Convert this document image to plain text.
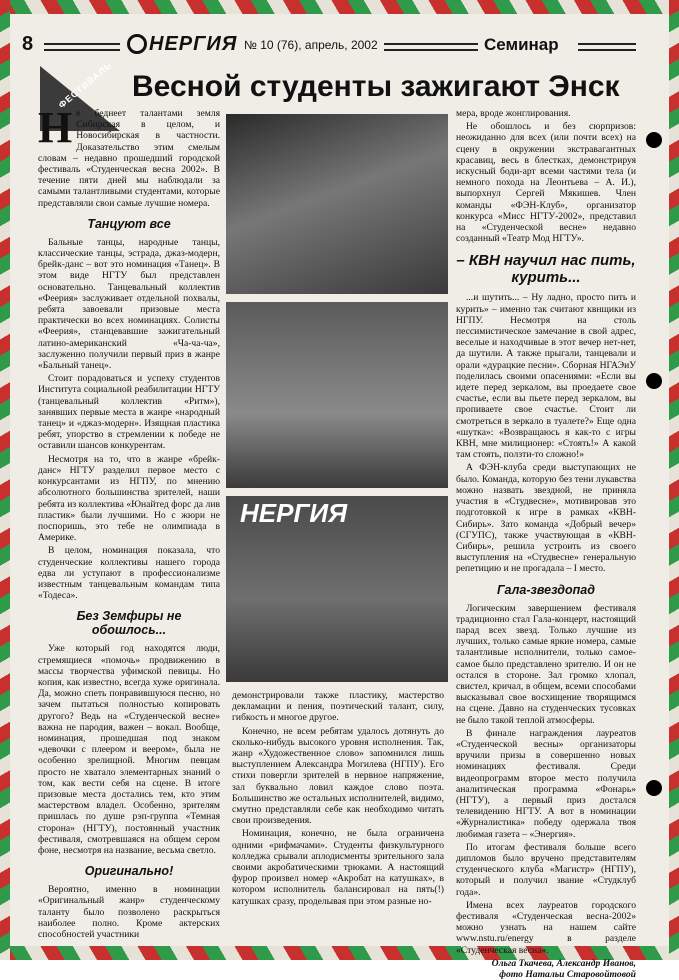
8	НЕРГИЯ № 10 (76), апрель, 2002	Семинар
ФЕСТИВАЛЬ Весной студенты зажигают Энск

Не беднеет талантами земля Сибирская в целом, и Новосибирская в частности. Доказательство этим смелым словам – недавно прошедший городской фестиваль «Студенческая весна 2002». В течение пяти дней мы наблюдали за самыми талантливыми студентами, которые представляли свои самые лучшие номера.

Танцуют все

Бальные танцы, народные танцы, классические танцы, эстрада, джаз-модерн, брейк-данс – вот это номинация «Танец». В этом виде НГТУ был представлен основательно. Танцевальный коллектив «Феерия» заслуживает отдельной похвалы, ребята завоевали призовые места практически во всех номинациях. Солисты «Феерия», станцевавшие зажигательный латино-американский «Ча-ча-ча», заслуженно получили первый приз в жанре «Бальный танец».

Стоит порадоваться и успеху студентов Института социальной реабилитации НГТУ (танцевальный коллектив «Ритм»), занявших первые места в жанре «народный танец» и «джаз-модерн». Изящная пластика ребят, упорство в стремлении к победе не оставили шансов конкурентам.

Несмотря на то, что в жанре «брейк-данс» НГТУ разделил первое место с конкурсантами из НГПУ, по мнению абсолютного большинства зрителей, наши ребята из коллектива «Юнайтед форс да лив пластик» были лучшими. Но с жюри не поспоришь, это тебе не олимпиада в Америке.

В целом, номинация показала, что студенческие коллективы нашего города едва ли уступают в профессионализме известным танцевальным командам типа «Тодеса».

Без Земфиры не обошлось...

Уже который год находятся люди, стремящиеся «помочь» продвижению в массы творчества уфимской певицы. Но копия, как известно, всегда хуже оригинала. Да, можно спеть понравившуюся песню, но зачем пытаться полностью копировать другого? Ведь на «Студенческой весне» важна не пародия, важен – вокал. Вообще, номинация, прошедшая под знаком «девочки с плеером и веером», была не особенно зрелищной. Многим певцам просто не хватало элементарных знаний о том, как вести себя на сцене. В итоге призовые места достались тем, кто этим мастерством владел. Особенно, зрителям пришлась по душе рэп-группа «Темная сторона» (НГТУ), постоянный участник фестиваля, смотревшаяся на общем сером фоне, несмотря на название, весьма светло.

Оригинально!

Вероятно, именно в номинации «Оригинальный жанр» студенческому таланту было позволено раскрыться наиболее полно. Кроме актерских способностей участники

НЕРГИЯ

демонстрировали также пластику, мастерство декламации и пения, поэтический талант, силу, гибкость и многое другое.

Конечно, не всем ребятам удалось дотянуть до сколько-нибудь высокого уровня исполнения. Так, жанр «Художественное слово» запомнился лишь выступлением Александра Могилева (НГПУ). Его стихи повергли зрителей в нервное напряжение, зал буквально ловил каждое слово поэта. Большинство же остальных исполнителей, видимо, смутно представляли себе как необходимо читать свои произведения.

Номинация, конечно, не была ограничена одними «рифмачами». Студенты физкультурного колледжа срывали аплодисменты зрительного зала своими акробатическими трюками. А настоящий фурор произвел номер «Акробат на катушках», в котором исполнитель балансировал на пять(!) катушках сразу, проделывая при этом разные но-

мера, вроде жонглирования.

Не обошлось и без сюрпризов: неожиданно для всех (или почти всех) на сцену в окружении экстравагантных красавиц, весь в блестках, демонстрируя искусный боди-арт всеми частями тела (и немного похода на Леонтьева – А. И.), выпорхнул Сергей Мякишев. Член команды «ФЭН-Клуб», организатор конкурса «Мисс НГТУ-2002», представил на «Студенческой весне» недавно созданный «Театр Мод НГТУ».

– КВН научил нас пить, курить...

...и шутить... – Ну ладно, просто пить и курить» – именно так считают квнщики из НГПУ. Несмотря на столь пессимистическое замечание в свой адрес, веселые и находчивые в этот вечер нет-нет, да шутили. А также прыгали, танцевали и орали «дурацкие песни». Сборная НГАЭиУ поделилась своими опасениями: «Если вы идете перед зеркалом, вы проедаете свое счастье, если вы пьете перед зеркалом, вы пропиваете свое счастье. Стоит ли смотреться в зеркало в туалете?» Еще одна «шутка»: «Возвращаюсь я как-то с игры КВН, мне милиционер: «Стоять!» А какой там стоять, ползти-то сложно!»

А ФЭН-клуба среди выступающих не было. Команда, которую без тени лукавства можно назвать звездной, не приняла участия в «Студвесне», мотивировав это подготовкой к игре в рамках «КВН-Сибирь». Зато команда «Добрый вечер» (СГУПС), также участвующая в «КВН-Сибирь», решила устроить из своего выступления на «Студвесне» генеральную репетицию и не прогадала – I место.

Гала-звездопад

Логическим завершением фестиваля традиционно стал Гала-концерт, настоящий парад всех звезд. Только лучшие из лучших, только самые яркие номера, самые талантливые исполнители, только самое-самое было представлено зрителю. И он не остался в стороне. Зал громко хлопал, свистел, кричал, в общем, всеми способами высказывал свое восхищение творящимся на сцене. Давно на студенческих тусовках не было такой теплой атмосферы.

В финале награждения лауреатов «Студенческой весны» организаторы вручили призы в совершенно новых номинациях фестиваля. Среди видеопрограмм второе место получила аналитическая программа «Фонарь» (НГТУ), а первый приз достался телевидению НГТУ. А вот в номинации «Журналистика» победу одержала твоя любимая газета – «Энергия».

По итогам фестиваля больше всего дипломов было вручено представителям студенческого клуба «Магистр» (НГПУ), который и получил звание «Студклуб года».

Имена всех лауреатов городского фестиваля «Студенческая весна-2002» можно узнать на нашем сайте www.nstu.ru/energy в разделе «Студенческая весна».

Ольга Ткачева, Александр Иванов,
фото Натальи Старовойтовой
